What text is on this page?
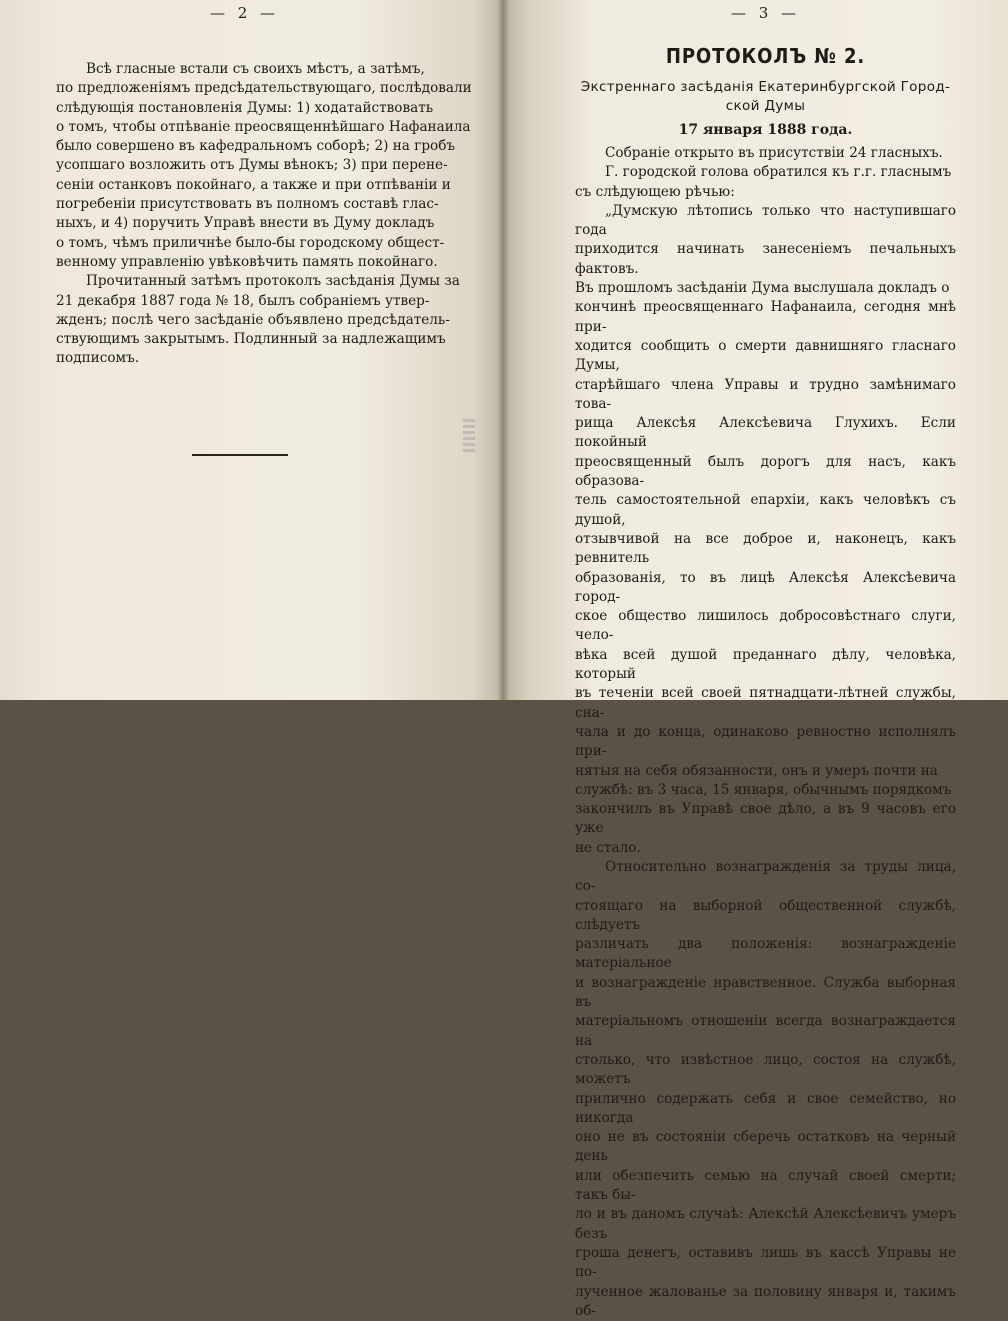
— 2 —

Всѣ гласные встали съ своихъ мѣстъ, а затѣмъ,

по предложеніямъ предсѣдательствующаго, послѣдовали

слѣдующія постановленія Думы: 1) ходатайствовать

о томъ, чтобы отпѣваніе преосвященнѣйшаго Нафанаила

было совершено въ кафедральномъ соборѣ; 2) на гробъ

усопшаго возложить отъ Думы вѣнокъ; 3) при перене-

сеніи останковъ покойнаго, а также и при отпѣваніи и

погребеніи присутствовать въ полномъ составѣ глас-

ныхъ, и 4) поручить Управѣ внести въ Думу докладъ

о томъ, чѣмъ приличнѣе было-бы городскому общест-

венному управленію увѣковѣчить память покойнаго.

Прочитанный затѣмъ протоколъ засѣданія Думы за

21 декабря 1887 года № 18, былъ собраніемъ утвер-

жденъ; послѣ чего засѣданіе объявлено предсѣдатель-

ствующимъ закрытымъ. Подлинный за надлежащимъ

подписомъ.

— 3 —
ПРОТОКОЛЪ № 2.
Экстреннаго засѣданія Екатеринбургской Город-
ской Думы
17 января 1888 года.

Собраніе открыто въ присутствіи 24 гласныхъ.

Г. городской голова обратился къ г.г. гласнымъ

съ слѣдующею рѣчью:

„Думскую лѣтопись только что наступившаго года

приходится начинать занесеніемъ печальныхъ фактовъ.

Въ прошломъ засѣданіи Дума выслушала докладъ о

кончинѣ преосвященнаго Нафанаила, сегодня мнѣ при-

ходится сообщить о смерти давнишняго гласнаго Думы,

старѣйшаго члена Управы и трудно замѣнимаго това-

рища Алексѣя Алексѣевича Глухихъ. Если покойный

преосвященный былъ дорогъ для насъ, какъ образова-

тель самостоятельной епархіи, какъ человѣкъ съ душой,

отзывчивой на все доброе и, наконецъ, какъ ревнитель

образованія, то въ лицѣ Алексѣя Алексѣевича город-

ское общество лишилось добросовѣстнаго слуги, чело-

вѣка всей душой преданнаго дѣлу, человѣка, который

въ теченіи всей своей пятнадцати-лѣтней службы, сна-

чала и до конца, одинаково ревностно исполнялъ при-

нятыя на себя обязанности, онъ и умеръ почти на

службѣ: въ 3 часа, 15 января, обычнымъ порядкомъ

закончилъ въ Управѣ свое дѣло, а въ 9 часовъ его уже

не стало.

Относительно вознагражденія за труды лица, со-

стоящаго на выборной общественной службѣ, слѣдуетъ

различать два положенія: вознагражденіе матеріальное

и вознагражденіе нравственное. Служба выборная въ

матеріальномъ отношеніи всегда вознаграждается на

столько, что извѣстное лицо, состоя на службѣ, можетъ

прилично содержать себя и свое семейство, но никогда

оно не въ состояніи сберечь остатковъ на черный день

или обезпечить семью на случай своей смерти; такъ бы-

ло и въ даномъ случаѣ: Алексѣй Алексѣевичъ умеръ безъ

гроша денегъ, оставивъ лишь въ кассѣ Управы не по-

лученное жалованье за половину января и, такимъ об-
